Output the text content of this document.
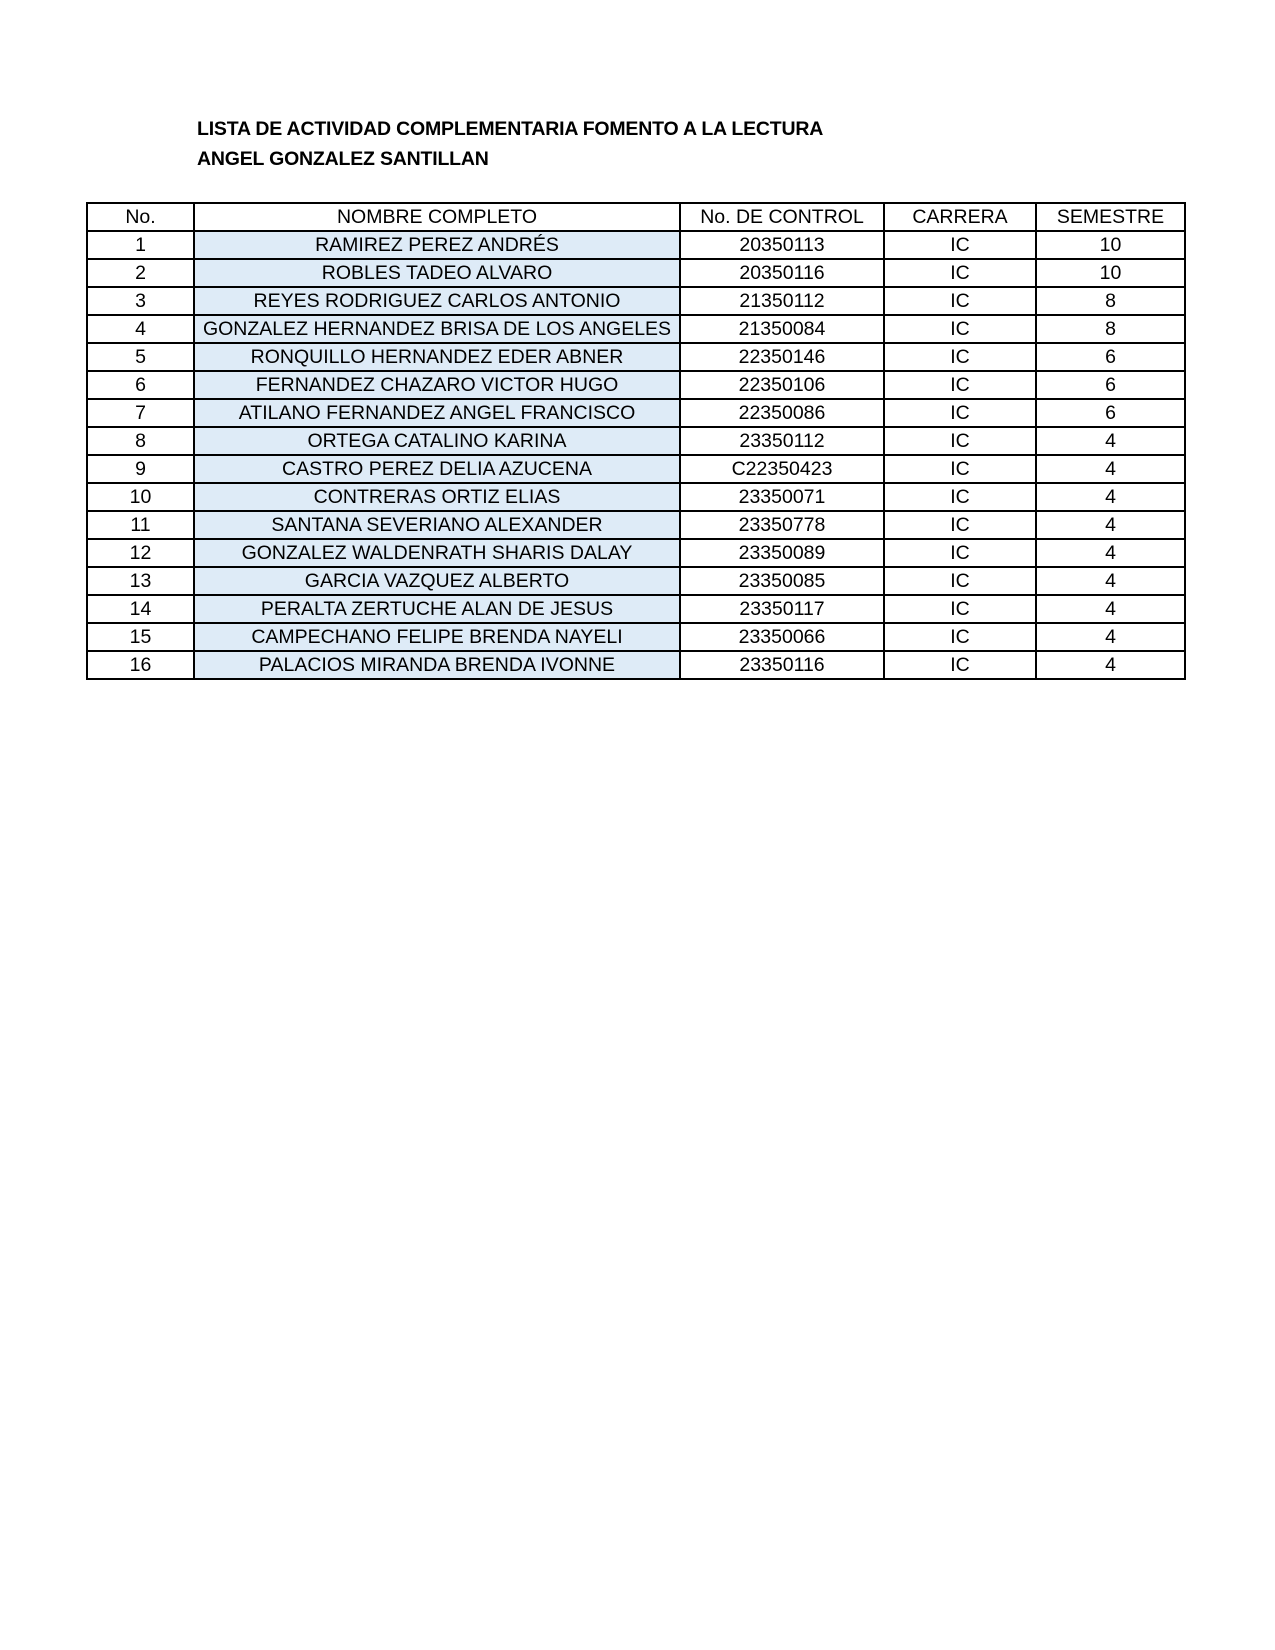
LISTA DE ACTIVIDAD COMPLEMENTARIA FOMENTO A LA LECTURA
ANGEL GONZALEZ SANTILLAN
No.	NOMBRE COMPLETO	No. DE CONTROL	CARRERA	SEMESTRE
1	RAMIREZ PEREZ ANDRÉS	20350113	IC	10
2	ROBLES TADEO ALVARO	20350116	IC	10
3	REYES RODRIGUEZ CARLOS ANTONIO	21350112	IC	8
4	GONZALEZ HERNANDEZ BRISA DE LOS ANGELES	21350084	IC	8
5	RONQUILLO HERNANDEZ EDER ABNER	22350146	IC	6
6	FERNANDEZ CHAZARO VICTOR HUGO	22350106	IC	6
7	ATILANO FERNANDEZ ANGEL FRANCISCO	22350086	IC	6
8	ORTEGA CATALINO KARINA	23350112	IC	4
9	CASTRO PEREZ DELIA AZUCENA	C22350423	IC	4
10	CONTRERAS ORTIZ ELIAS	23350071	IC	4
11	SANTANA SEVERIANO ALEXANDER	23350778	IC	4
12	GONZALEZ WALDENRATH SHARIS DALAY	23350089	IC	4
13	GARCIA VAZQUEZ ALBERTO	23350085	IC	4
14	PERALTA ZERTUCHE ALAN DE JESUS	23350117	IC	4
15	CAMPECHANO FELIPE BRENDA NAYELI	23350066	IC	4
16	PALACIOS MIRANDA BRENDA IVONNE	23350116	IC	4
